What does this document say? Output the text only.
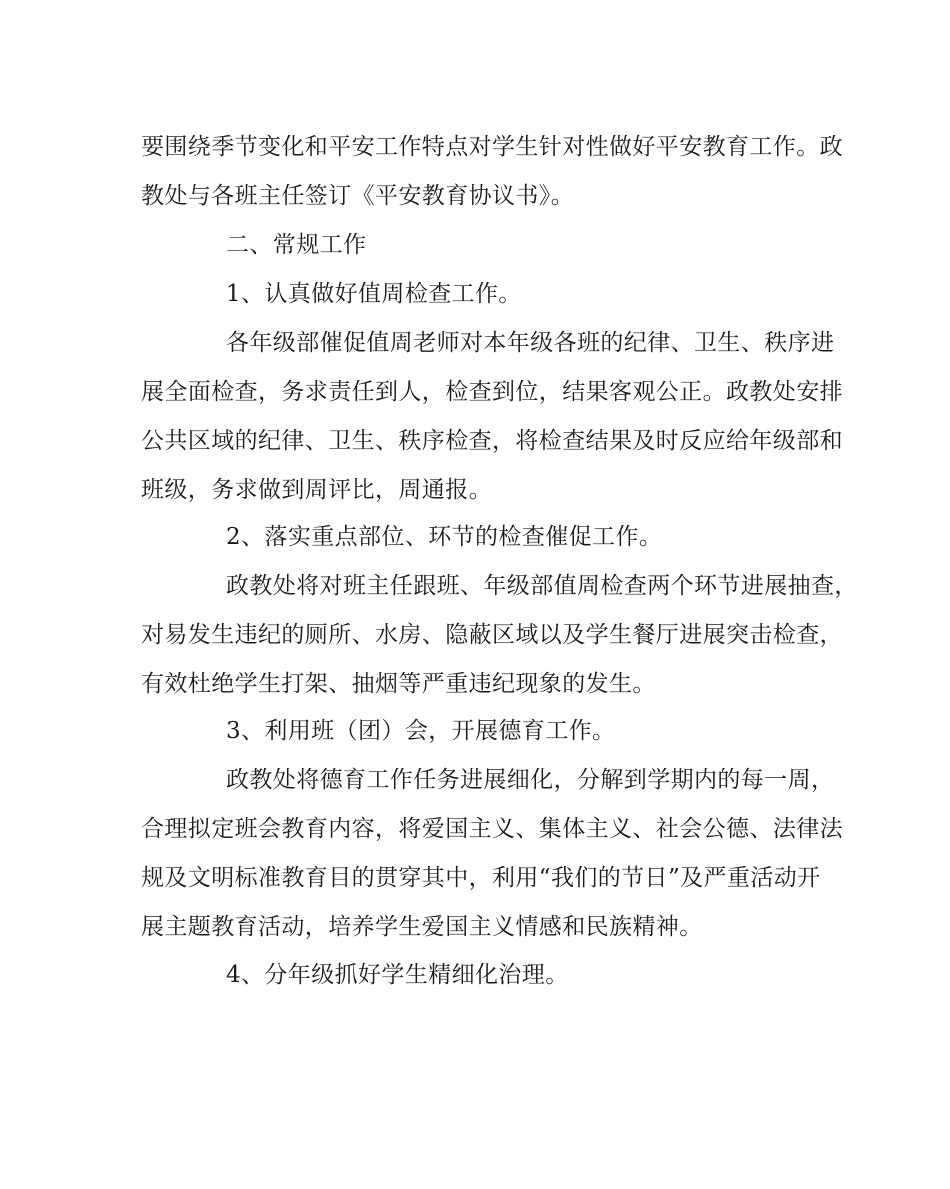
要围绕季节变化和平安工作特点对学生针对性做好平安教育工作。政
教处与各班主任签订《平安教育协议书》。
二、常规工作
1、认真做好值周检查工作。
各年级部催促值周老师对本年级各班的纪律、卫生、秩序进
展全面检查，务求责任到人，检查到位，结果客观公正。政教处安排
公共区域的纪律、卫生、秩序检查，将检查结果及时反应给年级部和
班级，务求做到周评比，周通报。
2、落实重点部位、环节的检查催促工作。
政教处将对班主任跟班、年级部值周检查两个环节进展抽查，
对易发生违纪的厕所、水房、隐蔽区域以及学生餐厅进展突击检查，
有效杜绝学生打架、抽烟等严重违纪现象的发生。
3、利用班（团）会，开展德育工作。
政教处将德育工作任务进展细化，分解到学期内的每一周，
合理拟定班会教育内容，将爱国主义、集体主义、社会公德、法律法
规及文明标准教育目的贯穿其中，利用“我们的节日”及严重活动开
展主题教育活动，培养学生爱国主义情感和民族精神。
4、分年级抓好学生精细化治理。
